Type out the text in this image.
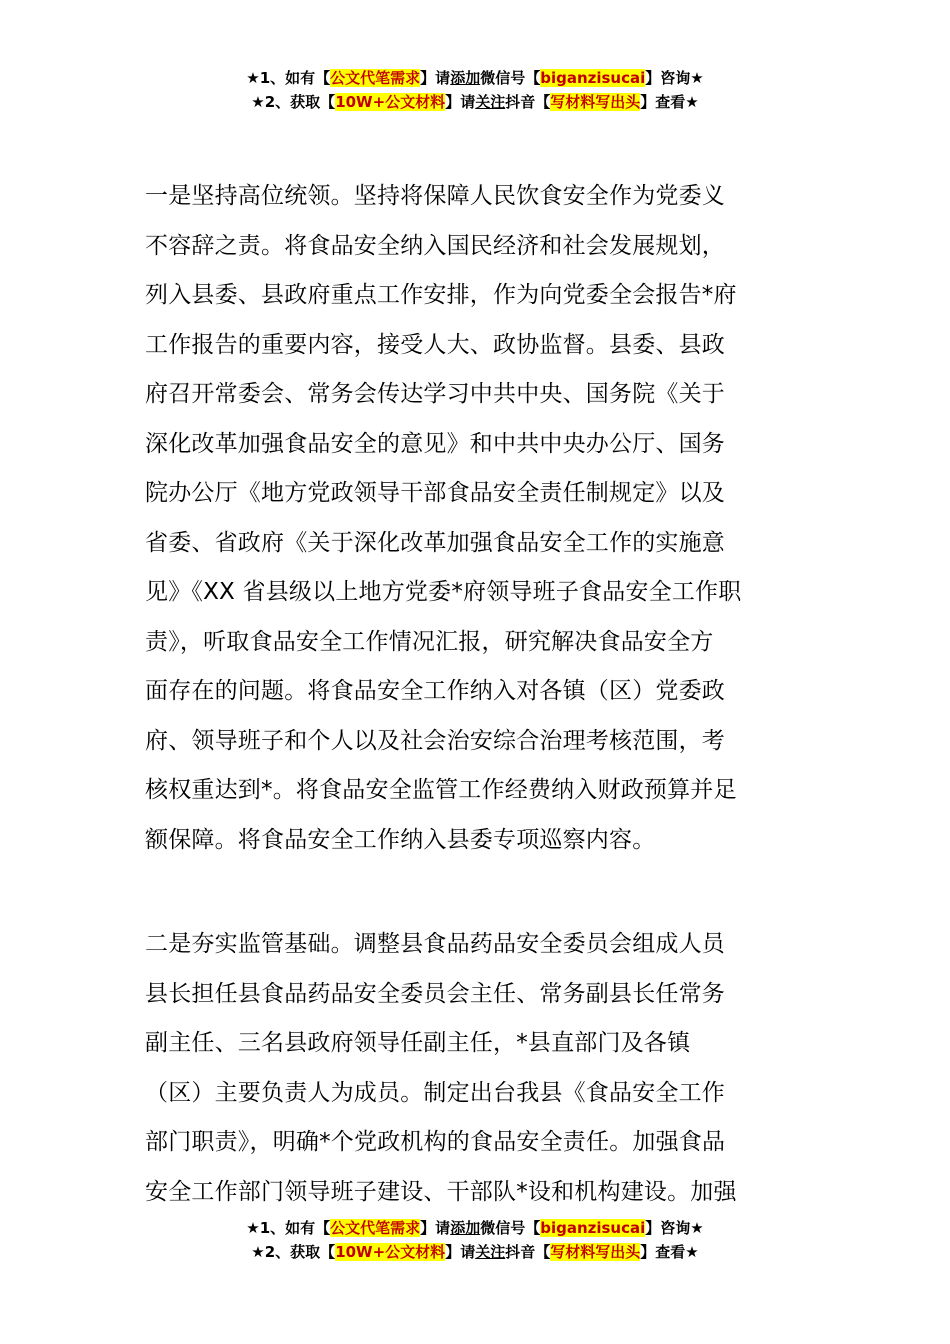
★1、如有【公文代笔需求】请添加微信号【biganzisucai】咨询★
★2、获取【10W+公文材料】请关注抖音【写材料写出头】查看★
一是坚持高位统领。坚持将保障人民饮食安全作为党委义
不容辞之责。将食品安全纳入国民经济和社会发展规划，
列入县委、县政府重点工作安排，作为向党委全会报告*府
工作报告的重要内容，接受人大、政协监督。县委、县政
府召开常委会、常务会传达学习中共中央、国务院《关于
深化改革加强食品安全的意见》和中共中央办公厅、国务
院办公厅《地方党政领导干部食品安全责任制规定》以及
省委、省政府《关于深化改革加强食品安全工作的实施意
见》《XX 省县级以上地方党委*府领导班子食品安全工作职
责》，听取食品安全工作情况汇报，研究解决食品安全方
面存在的问题。将食品安全工作纳入对各镇（区）党委政
府、领导班子和个人以及社会治安综合治理考核范围，考
核权重达到*。将食品安全监管工作经费纳入财政预算并足
额保障。将食品安全工作纳入县委专项巡察内容。
二是夯实监管基础。调整县食品药品安全委员会组成人员
县长担任县食品药品安全委员会主任、常务副县长任常务
副主任、三名县政府领导任副主任，*县直部门及各镇
（区）主要负责人为成员。制定出台我县《食品安全工作
部门职责》，明确*个党政机构的食品安全责任。加强食品
安全工作部门领导班子建设、干部队*设和机构建设。加强
★1、如有【公文代笔需求】请添加微信号【biganzisucai】咨询★
★2、获取【10W+公文材料】请关注抖音【写材料写出头】查看★
